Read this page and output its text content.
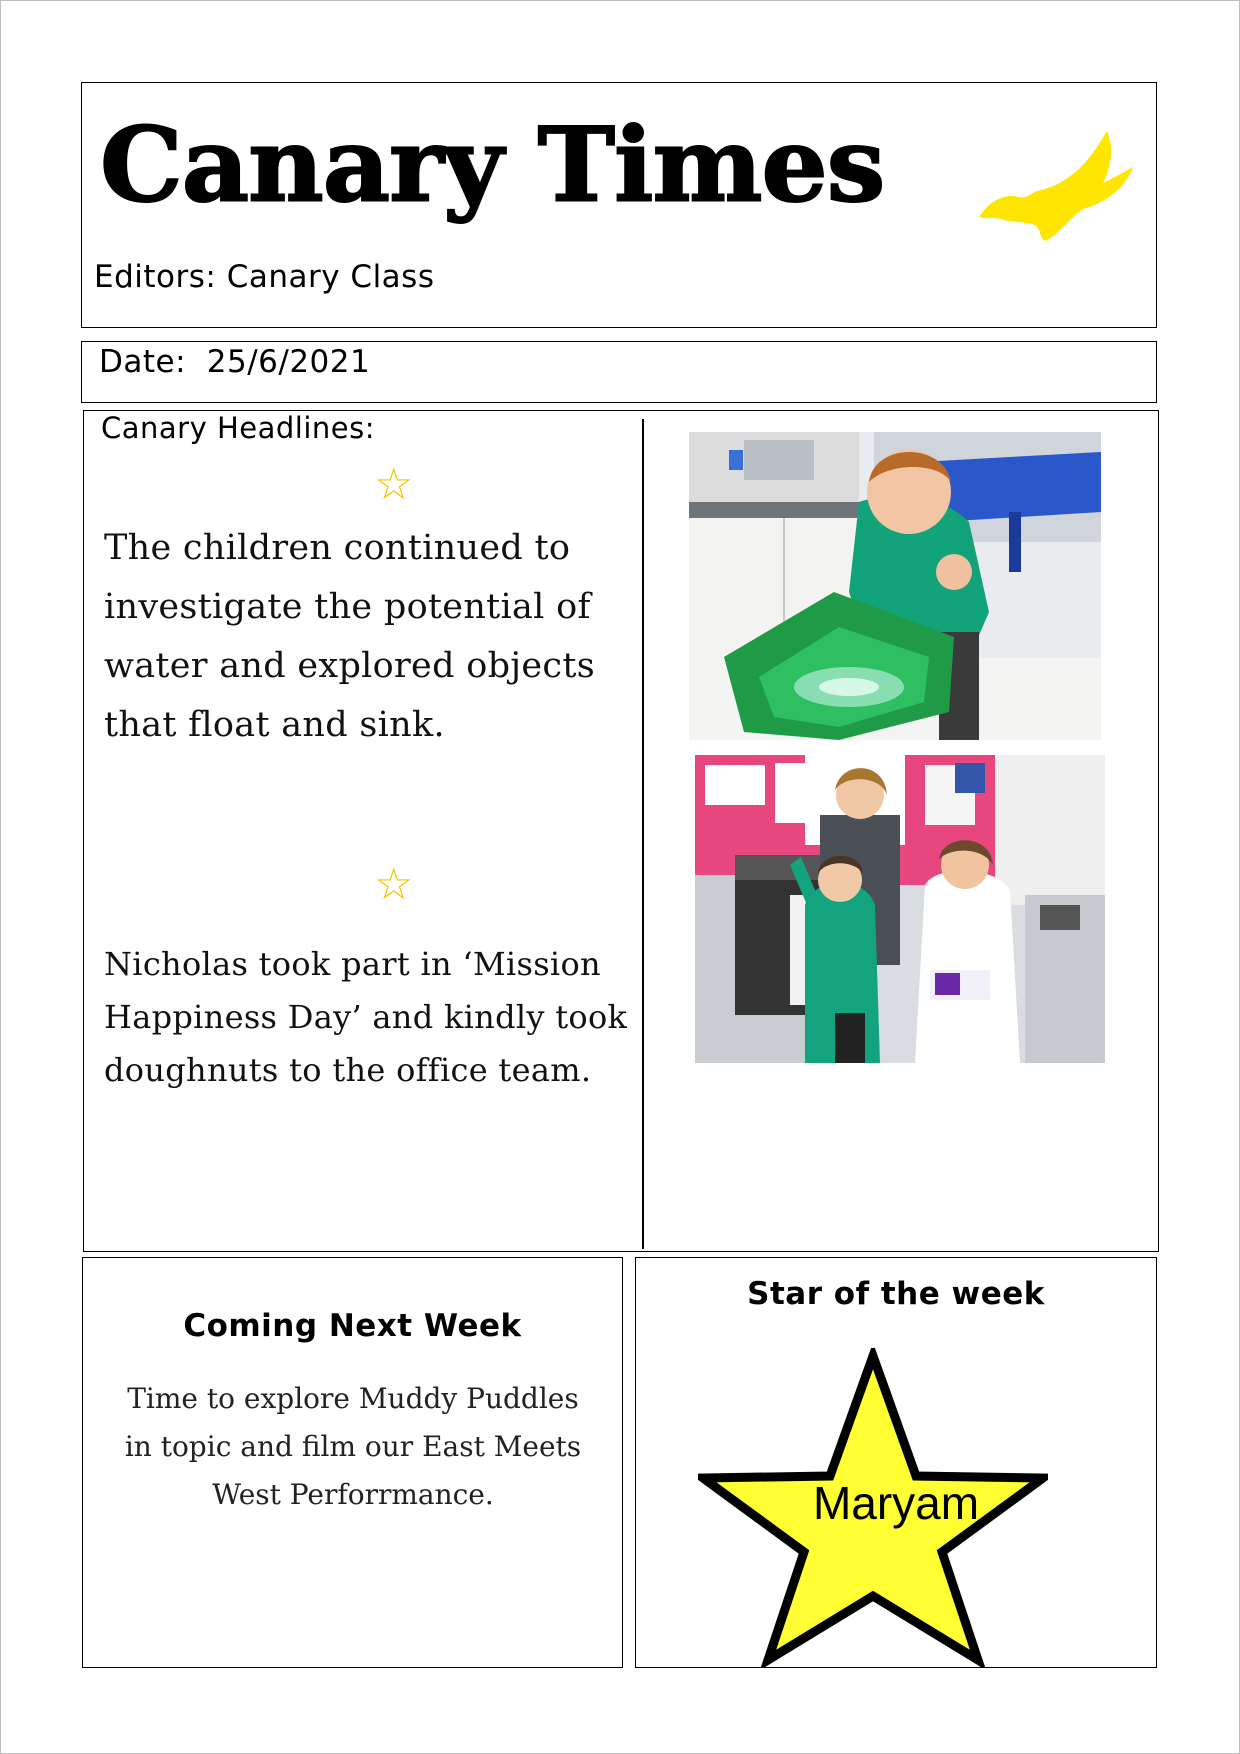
Canary Times
Editors: Canary Class
Date: 25/6/2021
Canary Headlines:
☆
The children continued to
investigate the potential of
water and explored objects
that float and sink.
☆
Nicholas took part in ‘Mission
Happiness Day’ and kindly took
doughnuts to the office team.
Coming Next Week
Time to explore Muddy Puddles in topic and film our East Meets West Perforrmance.
Star of the week
Maryam
